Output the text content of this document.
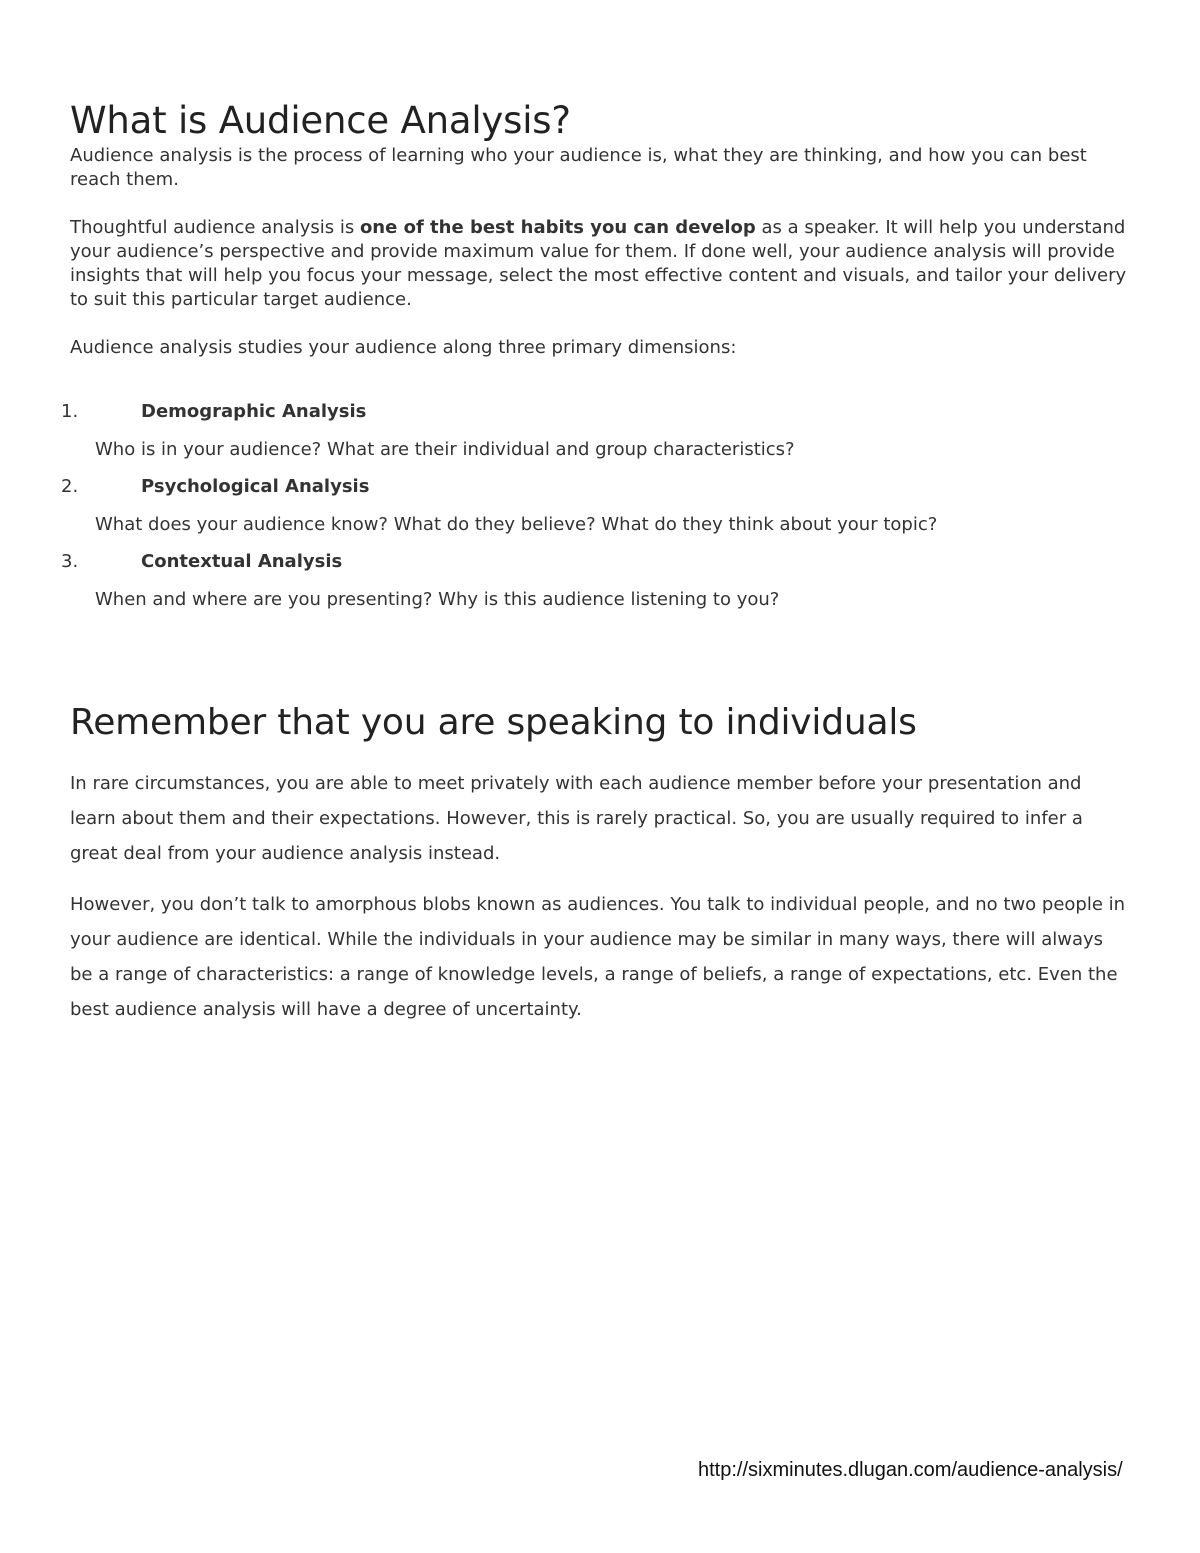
What is Audience Analysis?

Audience analysis is the process of learning who your audience is, what they are thinking, and how you can best reach them.

Thoughtful audience analysis is one of the best habits you can develop as a speaker. It will help you understand your audience’s perspective and provide maximum value for them. If done well, your audience analysis will provide insights that will help you focus your message, select the most effective content and visuals, and tailor your delivery to suit this particular target audience.

Audience analysis studies your audience along three primary dimensions:

1.	Demographic Analysis
Who is in your audience? What are their individual and group characteristics?
2.	Psychological Analysis
What does your audience know? What do they believe? What do they think about your topic?
3.	Contextual Analysis
When and where are you presenting? Why is this audience listening to you?
Remember that you are speaking to individuals

In rare circumstances, you are able to meet privately with each audience member before your presentation and learn about them and their expectations. However, this is rarely practical. So, you are usually required to infer a great deal from your audience analysis instead.

However, you don’t talk to amorphous blobs known as audiences. You talk to individual people, and no two people in your audience are identical. While the individuals in your audience may be similar in many ways, there will always be a range of characteristics: a range of knowledge levels, a range of beliefs, a range of expectations, etc. Even the best audience analysis will have a degree of uncertainty.

http://sixminutes.dlugan.com/audience-analysis/
